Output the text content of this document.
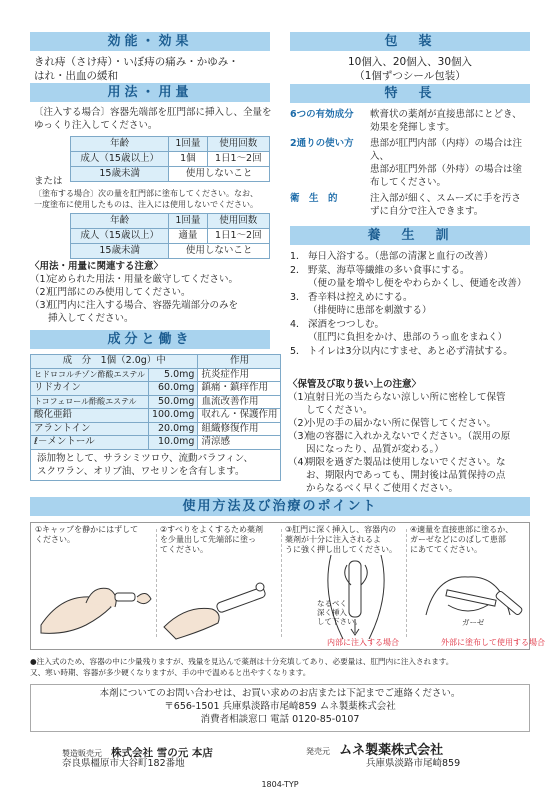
効能・効果
きれ痔（さけ痔）・いぼ痔の痛み・かゆみ・
はれ・出血の緩和
用法・用量
〔注入する場合〕容器先端部を肛門部に挿入し、全量を
ゆっくり注入してください。
年齢	1回量	使用回数
成人（15歳以上）	1個	1日1～2回
15歳未満	使用しないこと	
または
〔塗布する場合〕次の量を肛門部に塗布してください。なお、
一度塗布に使用したものは、注入には使用しないでください。
年齢	1回量	使用回数
成人（15歳以上）	適量	1日1～2回
15歳未満	使用しないこと	
〈用法・用量に関連する注意〉
（1）
定められた用法・用量を厳守してください。
（2）
肛門部にのみ使用してください。
（3）
肛門内に注入する場合、容器先端部分のみを
挿入してください。
成分と働き
成　分　1個（2.0g）中		作用
ヒドロコルチゾン酢酸エステル	5.0mg	抗炎症作用
リドカイン	60.0mg	鎮痛・鎮痒作用
トコフェロール酢酸エステル	50.0mg	血流改善作用
酸化亜鉛	100.0mg	収れん・保護作用
アラントイン	20.0mg	組織修復作用
ℓ－メントール	10.0mg	清涼感

添加物として、サラシミツロウ、流動パラフィン、
スクワラン、オリブ油、ワセリンを含有します。		
包　装
10個入、20個入、30個入
（1個ずつシール包装）
特　長
6つの有効成分	軟膏状の薬剤が直接患部にとどき、効果を発揮します。
2通りの使い方	患部が肛門内部（内痔）の場合は注入、
患部が肛門外部（外痔）の場合は塗布してください。
衛　生　的	注入部が細く、スムーズに手を汚さずに自分で注入できます。
養　生　訓
1． 毎日入浴する。（患部の清潔と血行の改善）
2． 野菜、海草等繊維の多い食事にする。
（便の量を増やし便をやわらかくし、便通を改善）
3． 香辛料は控えめにする。
（排便時に患部を刺激する）
4． 深酒をつつしむ。
（肛門に負担をかけ、患部のうっ血をまねく）
5． トイレは3分以内にすませ、あと必ず清拭する。
〈保管及び取り扱い上の注意〉
（1）
直射日光の当たらない涼しい所に密栓して保管
してください。
（2）
小児の手の届かない所に保管してください。
（3）
他の容器に入れかえないでください。（誤用の原
因になったり、品質が変わる。）
（4）
期限を過ぎた製品は使用しないでください。な
お、期限内であっても、開封後は品質保持の点
からなるべく早くご使用ください。
使用方法及び治療のポイント
①キャップを静かにはずして
ください。
②すべりをよくするため薬剤
を少量出して先端部に塗っ
てください。
③肛門に深く挿入し、容器内の
薬剤が十分に注入されるよ
うに強く押し出してください。
なるべく
深く挿入
して下さい。
④適量を直接患部に塗るか、
ガーゼなどにのばして患部
にあててください。
ガーゼ
内部に注入する場合	外部に塗布して使用する場合
●注入式のため、容器の中に少量残りますが、残量を見込んで薬剤は十分充填してあり、必要量は、肛門内に注入されます。
又、寒い時期、容器が多少硬くなりますが、手の中で温めると出やすくなります。
本剤についてのお問い合わせは、お買い求めのお店または下記までご連絡ください。
〒656-1501 兵庫県淡路市尾崎859 ムネ製薬株式会社
消費者相談窓口 電話 0120-85-0107
製造販売元 株式会社 雪の元 本店
奈良県橿原市大谷町182番地
発売元 ムネ製薬株式会社
兵庫県淡路市尾崎859
1804-TYP
